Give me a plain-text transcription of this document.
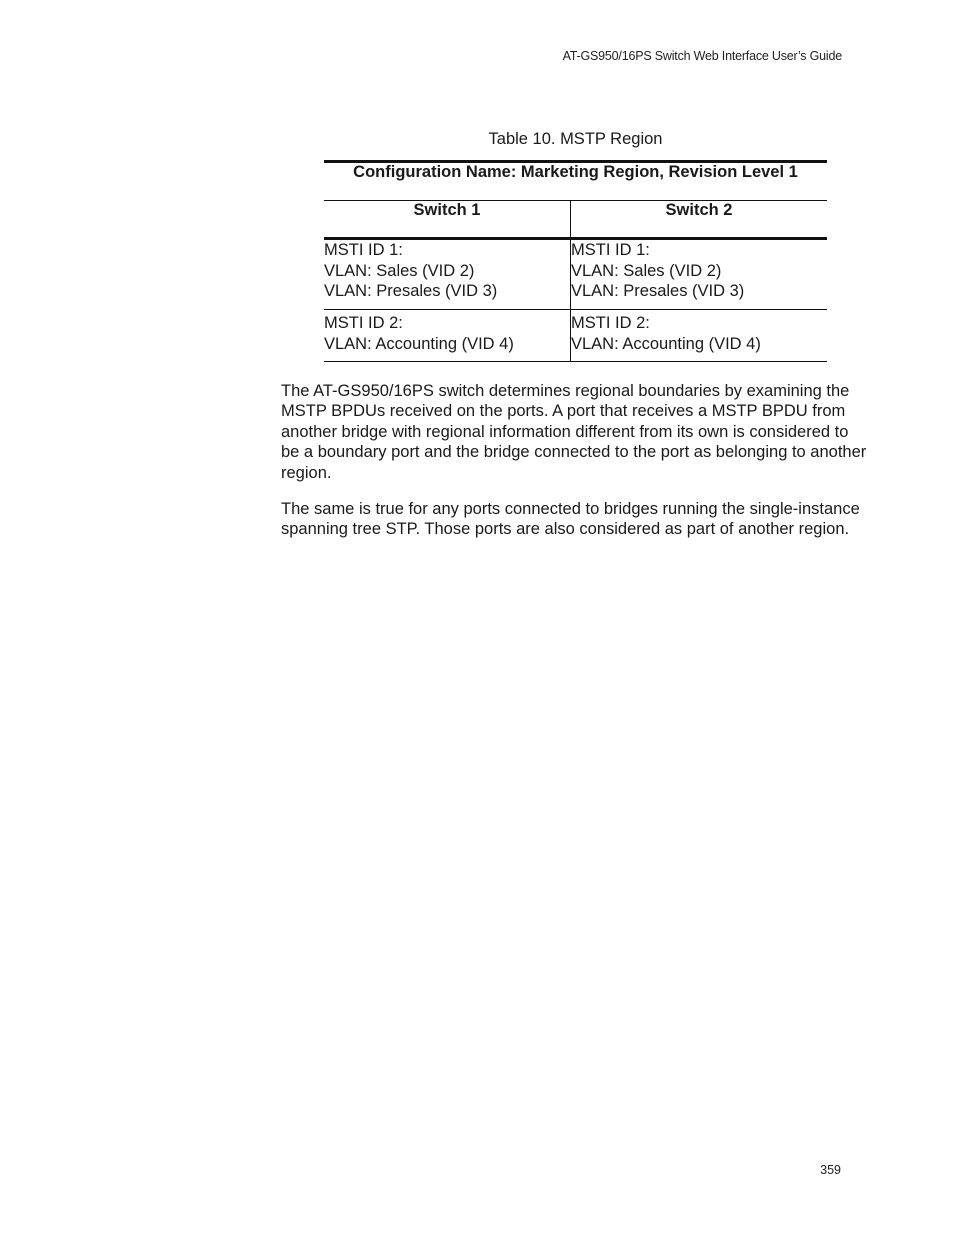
AT-GS950/16PS Switch Web Interface User’s Guide
Table 10. MSTP Region
Configuration Name: Marketing Region, Revision Level 1	
Switch 1	Switch 2

MSTI ID 1:
VLAN: Sales (VID 2)
VLAN: Presales (VID 3)	MSTI ID 1:
VLAN: Sales (VID 2)
VLAN: Presales (VID 3)

MSTI ID 2:
VLAN: Accounting (VID 4)	MSTI ID 2:
VLAN: Accounting (VID 4)

The AT-GS950/16PS switch determines regional boundaries by examining the MSTP BPDUs received on the ports. A port that receives a MSTP BPDU from another bridge with regional information different from its own is considered to be a boundary port and the bridge connected to the port as belonging to another region.

The same is true for any ports connected to bridges running the single-instance spanning tree STP. Those ports are also considered as part of another region.

359
